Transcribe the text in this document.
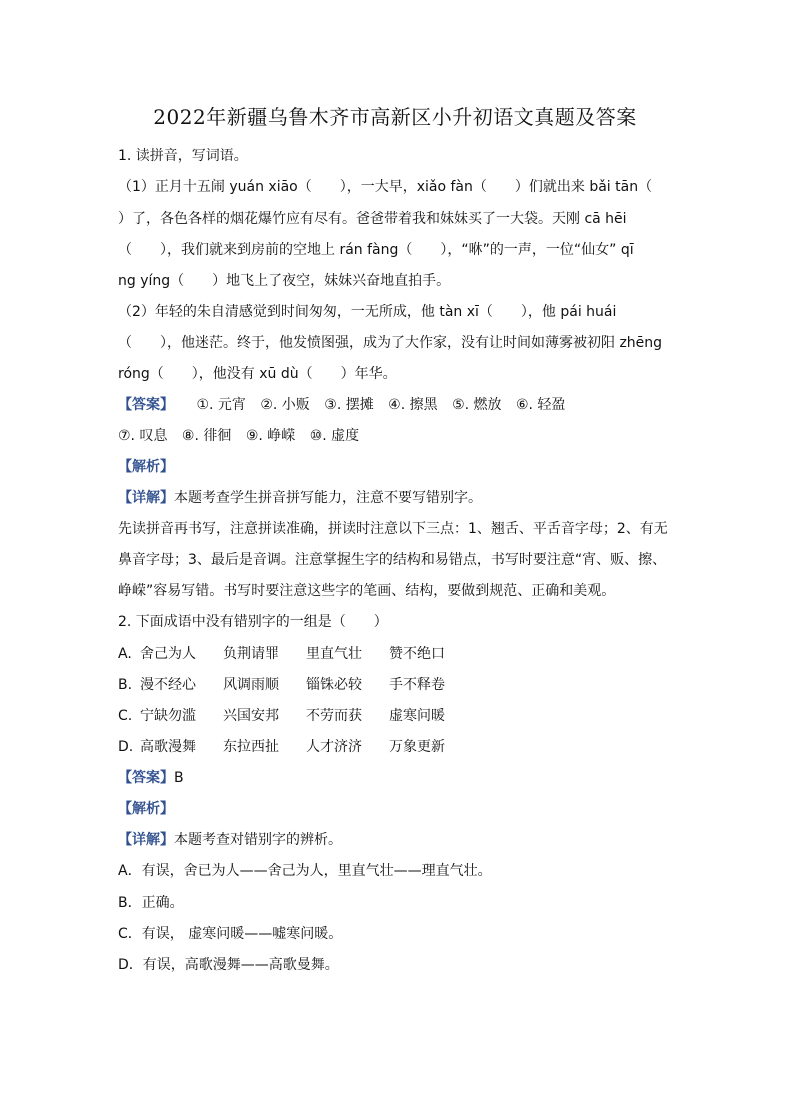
2022年新疆乌鲁木齐市高新区小升初语文真题及答案
1. 读拼音，写词语。
（1）正月十五闹 yuán xiāo（　　），一大早，xiǎo fàn（　　）们就出来 bǎi tān（
）了，各色各样的烟花爆竹应有尽有。爸爸带着我和妹妹买了一大袋。天刚 cā hēi
（　　），我们就来到房前的空地上 rán fàng（　　），“咻”的一声，一位“仙女” qī
ng yíng（　　）地飞上了夜空，妹妹兴奋地直拍手。
（2）年轻的朱自清感觉到时间匆匆，一无所成，他 tàn xī（　　），他 pái huái
（　　），他迷茫。终于，他发愤图强，成为了大作家，没有让时间如薄雾被初阳 zhēng
róng（　　），他没有 xū dù（　　）年华。
【答案】 ①. 元宵 ②. 小贩 ③. 摆摊 ④. 擦黑 ⑤. 燃放 ⑥. 轻盈
⑦. 叹息 ⑧. 徘徊 ⑨. 峥嵘 ⑩. 虚度
【解析】
【详解】本题考查学生拼音拼写能力，注意不要写错别字。
先读拼音再书写，注意拼读准确，拼读时注意以下三点：1、翘舌、平舌音字母；2、有无
鼻音字母；3、最后是音调。注意掌握生字的结构和易错点，书写时要注意“宵、贩、擦、
峥嵘”容易写错。书写时要注意这些字的笔画、结构，要做到规范、正确和美观。
2. 下面成语中没有错别字的一组是（　　）
A. 舍己为人 负荆请罪 里直气壮 赞不绝口
B. 漫不经心 风调雨顺 锱铢必较 手不释卷
C. 宁缺勿滥 兴国安邦 不劳而获 虚寒问暖
D. 高歌漫舞 东拉西扯 人才济济 万象更新
【答案】B
【解析】
【详解】本题考查对错别字的辨析。
A．有误，舍已为人——舍己为人，里直气壮——理直气壮。
B．正确。
C．有误， 虚寒问暖——嘘寒问暖。
D．有误，高歌漫舞——高歌曼舞。
